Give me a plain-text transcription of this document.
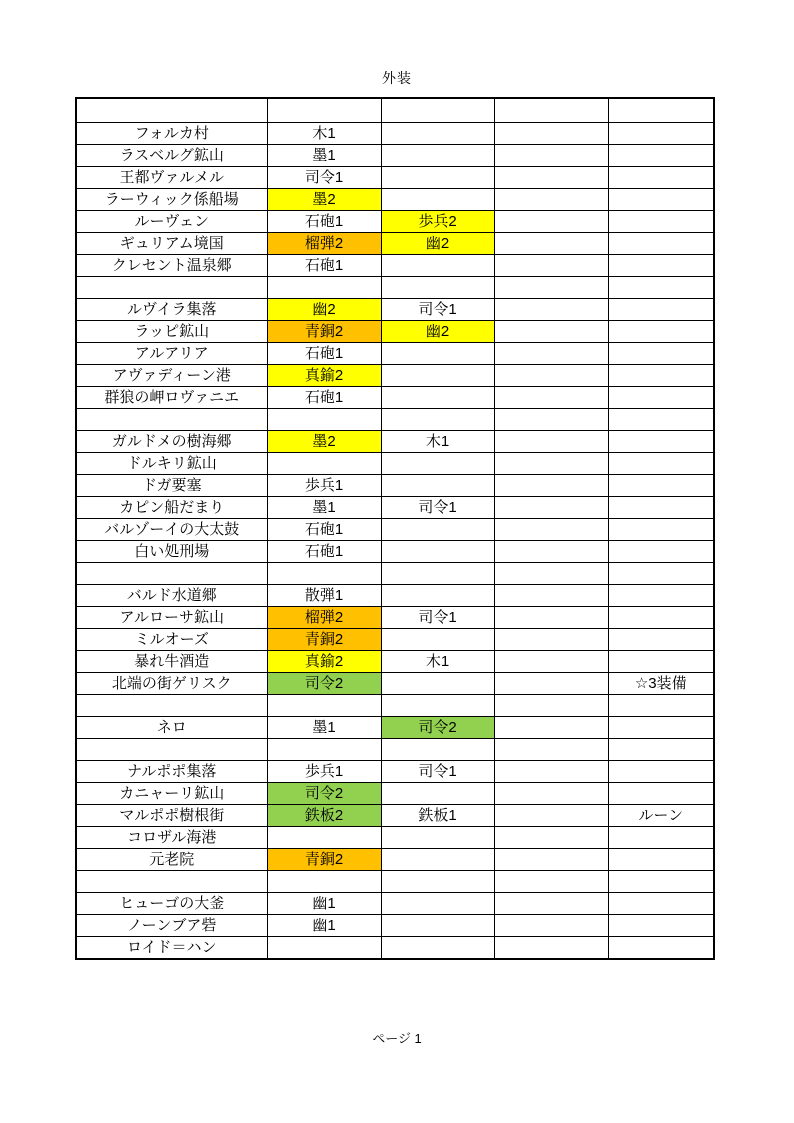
外装

フォルカ村	木1			
ラスベルグ鉱山	墨1			
王都ヴァルメル	司令1			
ラーウィック係船場	墨2			
ルーヴェン	石砲1	歩兵2		
ギュリアム境国	榴弾2	幽2		
クレセント温泉郷	石砲1			

ルヴイラ集落	幽2	司令1		
ラッピ鉱山	青銅2	幽2		
アルアリア	石砲1			
アヴァディーン港	真鍮2			
群狼の岬ロヴァニエ	石砲1			

ガルドメの樹海郷	墨2	木1		
ドルキリ鉱山				
ドガ要塞	歩兵1			
カピン船だまり	墨1	司令1		
バルゾーイの大太鼓	石砲1			
白い処刑場	石砲1			

バルド水道郷	散弾1			
アルローサ鉱山	榴弾2	司令1		
ミルオーズ	青銅2			
暴れ牛酒造	真鍮2	木1		
北端の街ゲリスク	司令2			☆3装備

ネロ	墨1	司令2		

ナルポポ集落	歩兵1	司令1		
カニャーリ鉱山	司令2			
マルポポ樹根街	鉄板2	鉄板1		ルーン
コロザル海港				
元老院	青銅2			

ヒューゴの大釜	幽1			
ノーンブア砦	幽1			
ロイド＝ハン				
ページ 1
